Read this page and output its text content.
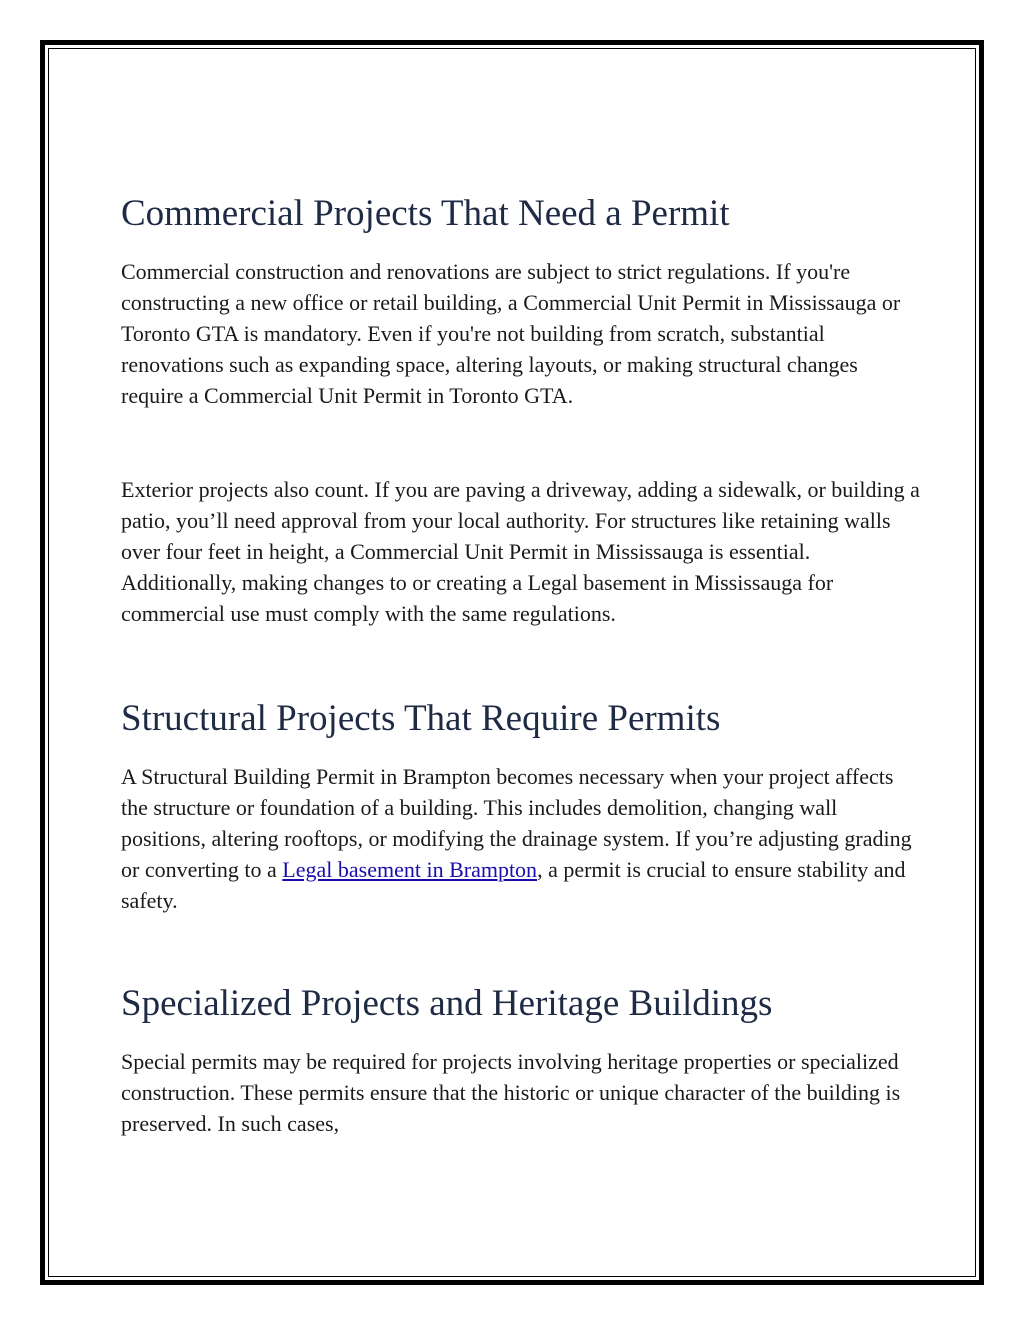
Commercial Projects That Need a Permit

Commercial construction and renovations are subject to strict regulations. If you're constructing a new office or retail building, a Commercial Unit Permit in Mississauga or Toronto GTA is mandatory. Even if you're not building from scratch, substantial renovations such as expanding space, altering layouts, or making structural changes require a Commercial Unit Permit in Toronto GTA.

Exterior projects also count. If you are paving a driveway, adding a sidewalk, or building a patio, you’ll need approval from your local authority. For structures like retaining walls over four feet in height, a Commercial Unit Permit in Mississauga is essential. Additionally, making changes to or creating a Legal basement in Mississauga for commercial use must comply with the same regulations.

Structural Projects That Require Permits

A Structural Building Permit in Brampton becomes necessary when your project affects the structure or foundation of a building. This includes demolition, changing wall positions, altering rooftops, or modifying the drainage system. If you’re adjusting grading or converting to a Legal basement in Brampton, a permit is crucial to ensure stability and safety.

Specialized Projects and Heritage Buildings

Special permits may be required for projects involving heritage properties or specialized construction. These permits ensure that the historic or unique character of the building is preserved. In such cases,
